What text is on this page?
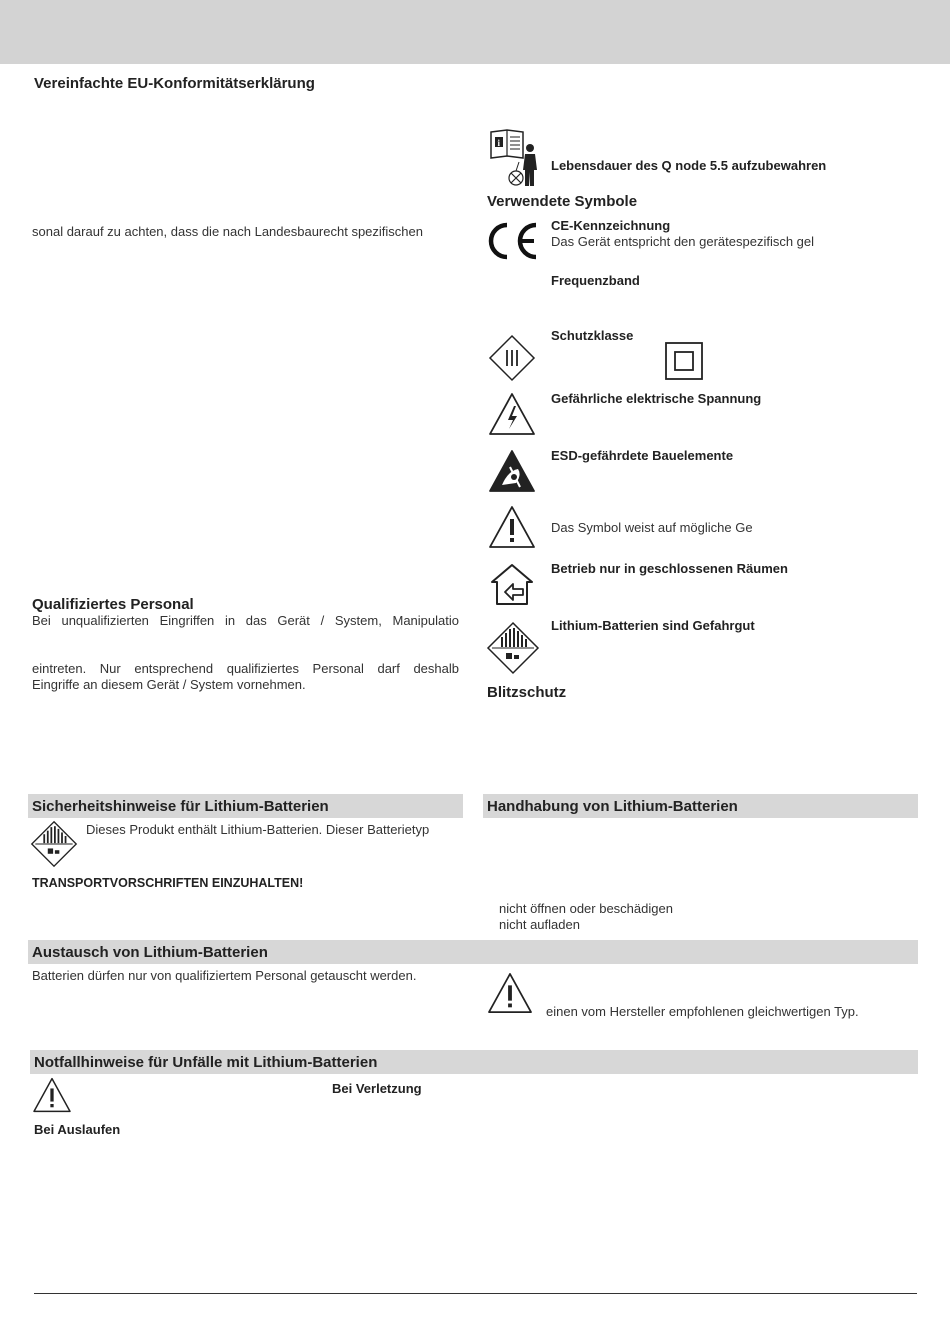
Vereinfachte EU-Konformitätserklärung
sonal darauf zu achten, dass die nach Landesbaurecht spezifischen
Qualifiziertes Personal
Bei unqualifizierten Eingriffen in das Gerät / System, Manipulatio
eintreten. Nur entsprechend qualifiziertes Personal darf deshalb
Eingriffe an diesem Gerät / System vornehmen.
i
Lebensdauer des Q node 5.5 aufzubewahren
Verwendete Symbole
CE-Kennzeichnung
Das Gerät entspricht den gerätespezifisch gel
Frequenzband
Schutzklasse
Gefährliche elektrische Spannung
ESD-gefährdete Bauelemente
Das Symbol weist auf mögliche Ge
Betrieb nur in geschlossenen Räumen
Lithium-Batterien sind Gefahrgut
Blitzschutz
Sicherheitshinweise für Lithium-Batterien	Handhabung von Lithium-Batterien
Dieses Produkt enthält Lithium-Batterien. Dieser Batterietyp
TRANSPORTVORSCHRIFTEN EINZUHALTEN!
nicht öffnen oder beschädigen
nicht aufladen
Austausch von Lithium-Batterien
Batterien dürfen nur von qualifiziertem Personal getauscht werden.
einen vom Hersteller empfohlenen gleichwertigen Typ.
Notfallhinweise für Unfälle mit Lithium-Batterien
Bei Verletzung
Bei Auslaufen
